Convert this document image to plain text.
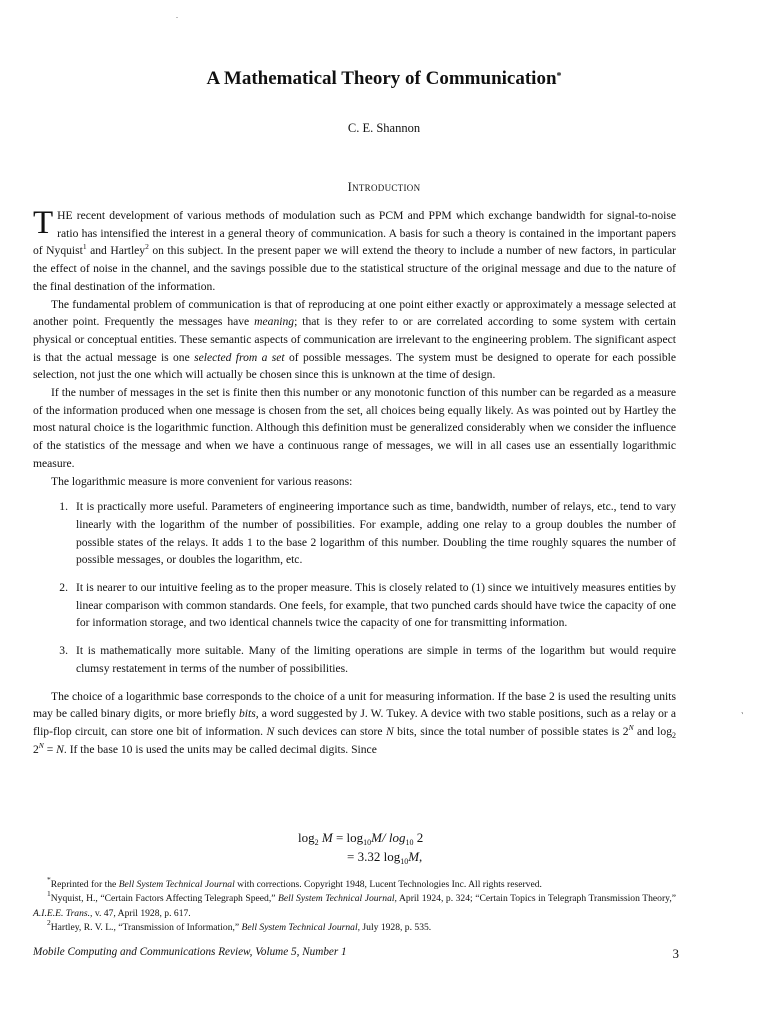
A Mathematical Theory of Communication*
C. E. Shannon
Introduction

THE recent development of various methods of modulation such as PCM and PPM which exchange bandwidth for signal-to-noise ratio has intensified the interest in a general theory of communication. A basis for such a theory is contained in the important papers of Nyquist$^1$ and Hartley$^2$ on this subject. In the present paper we will extend the theory to include a number of new factors, in particular the effect of noise in the channel, and the savings possible due to the statistical structure of the original message and due to the nature of the final destination of the information.

The fundamental problem of communication is that of reproducing at one point either exactly or approximately a message selected at another point. Frequently the messages have meaning; that is they refer to or are correlated according to some system with certain physical or conceptual entities. These semantic aspects of communication are irrelevant to the engineering problem. The significant aspect is that the actual message is one selected from a set of possible messages. The system must be designed to operate for each possible selection, not just the one which will actually be chosen since this is unknown at the time of design.

If the number of messages in the set is finite then this number or any monotonic function of this number can be regarded as a measure of the information produced when one message is chosen from the set, all choices being equally likely. As was pointed out by Hartley the most natural choice is the logarithmic function. Although this definition must be generalized considerably when we consider the influence of the statistics of the message and when we have a continuous range of messages, we will in all cases use an essentially logarithmic measure.

The logarithmic measure is more convenient for various reasons:

1. It is practically more useful. Parameters of engineering importance such as time, bandwidth, number of relays, etc., tend to vary linearly with the logarithm of the number of possibilities. For example, adding one relay to a group doubles the number of possible states of the relays. It adds 1 to the base 2 logarithm of this number. Doubling the time roughly squares the number of possible messages, or doubles the logarithm, etc.

2. It is nearer to our intuitive feeling as to the proper measure. This is closely related to (1) since we intuitively measures entities by linear comparison with common standards. One feels, for example, that two punched cards should have twice the capacity of one for information storage, and two identical channels twice the capacity of one for transmitting information.

3. It is mathematically more suitable. Many of the limiting operations are simple in terms of the logarithm but would require clumsy restatement in terms of the number of possibilities.

The choice of a logarithmic base corresponds to the choice of a unit for measuring information. If the base 2 is used the resulting units may be called binary digits, or more briefly bits, a word suggested by J. W. Tukey. A device with two stable positions, such as a relay or a flip-flop circuit, can store one bit of information. N such devices can store N bits, since the total number of possible states is $2^N$ and $\log_2 2^N = N$. If the base 10 is used the units may be called decimal digits. Since

$\log_2 M = \log_{10}M/$ $\log_{10} 2$
= 3.32 $\log_{10}M$,

*Reprinted for the Bell System Technical Journal with corrections. Copyright 1948, Lucent Technologies Inc. All rights reserved.

$^1$Nyquist, H., “Certain Factors Affecting Telegraph Speed,” Bell System Technical Journal, April 1924, p. 324; “Certain Topics in Telegraph Transmission Theory,” A.I.E.E. Trans., v. 47, April 1928, p. 617.

$^2$Hartley, R. V. L., “Transmission of Information,” Bell System Technical Journal, July 1928, p. 535.

Mobile Computing and Communications Review, Volume 5, Number 1	3
ˎ
